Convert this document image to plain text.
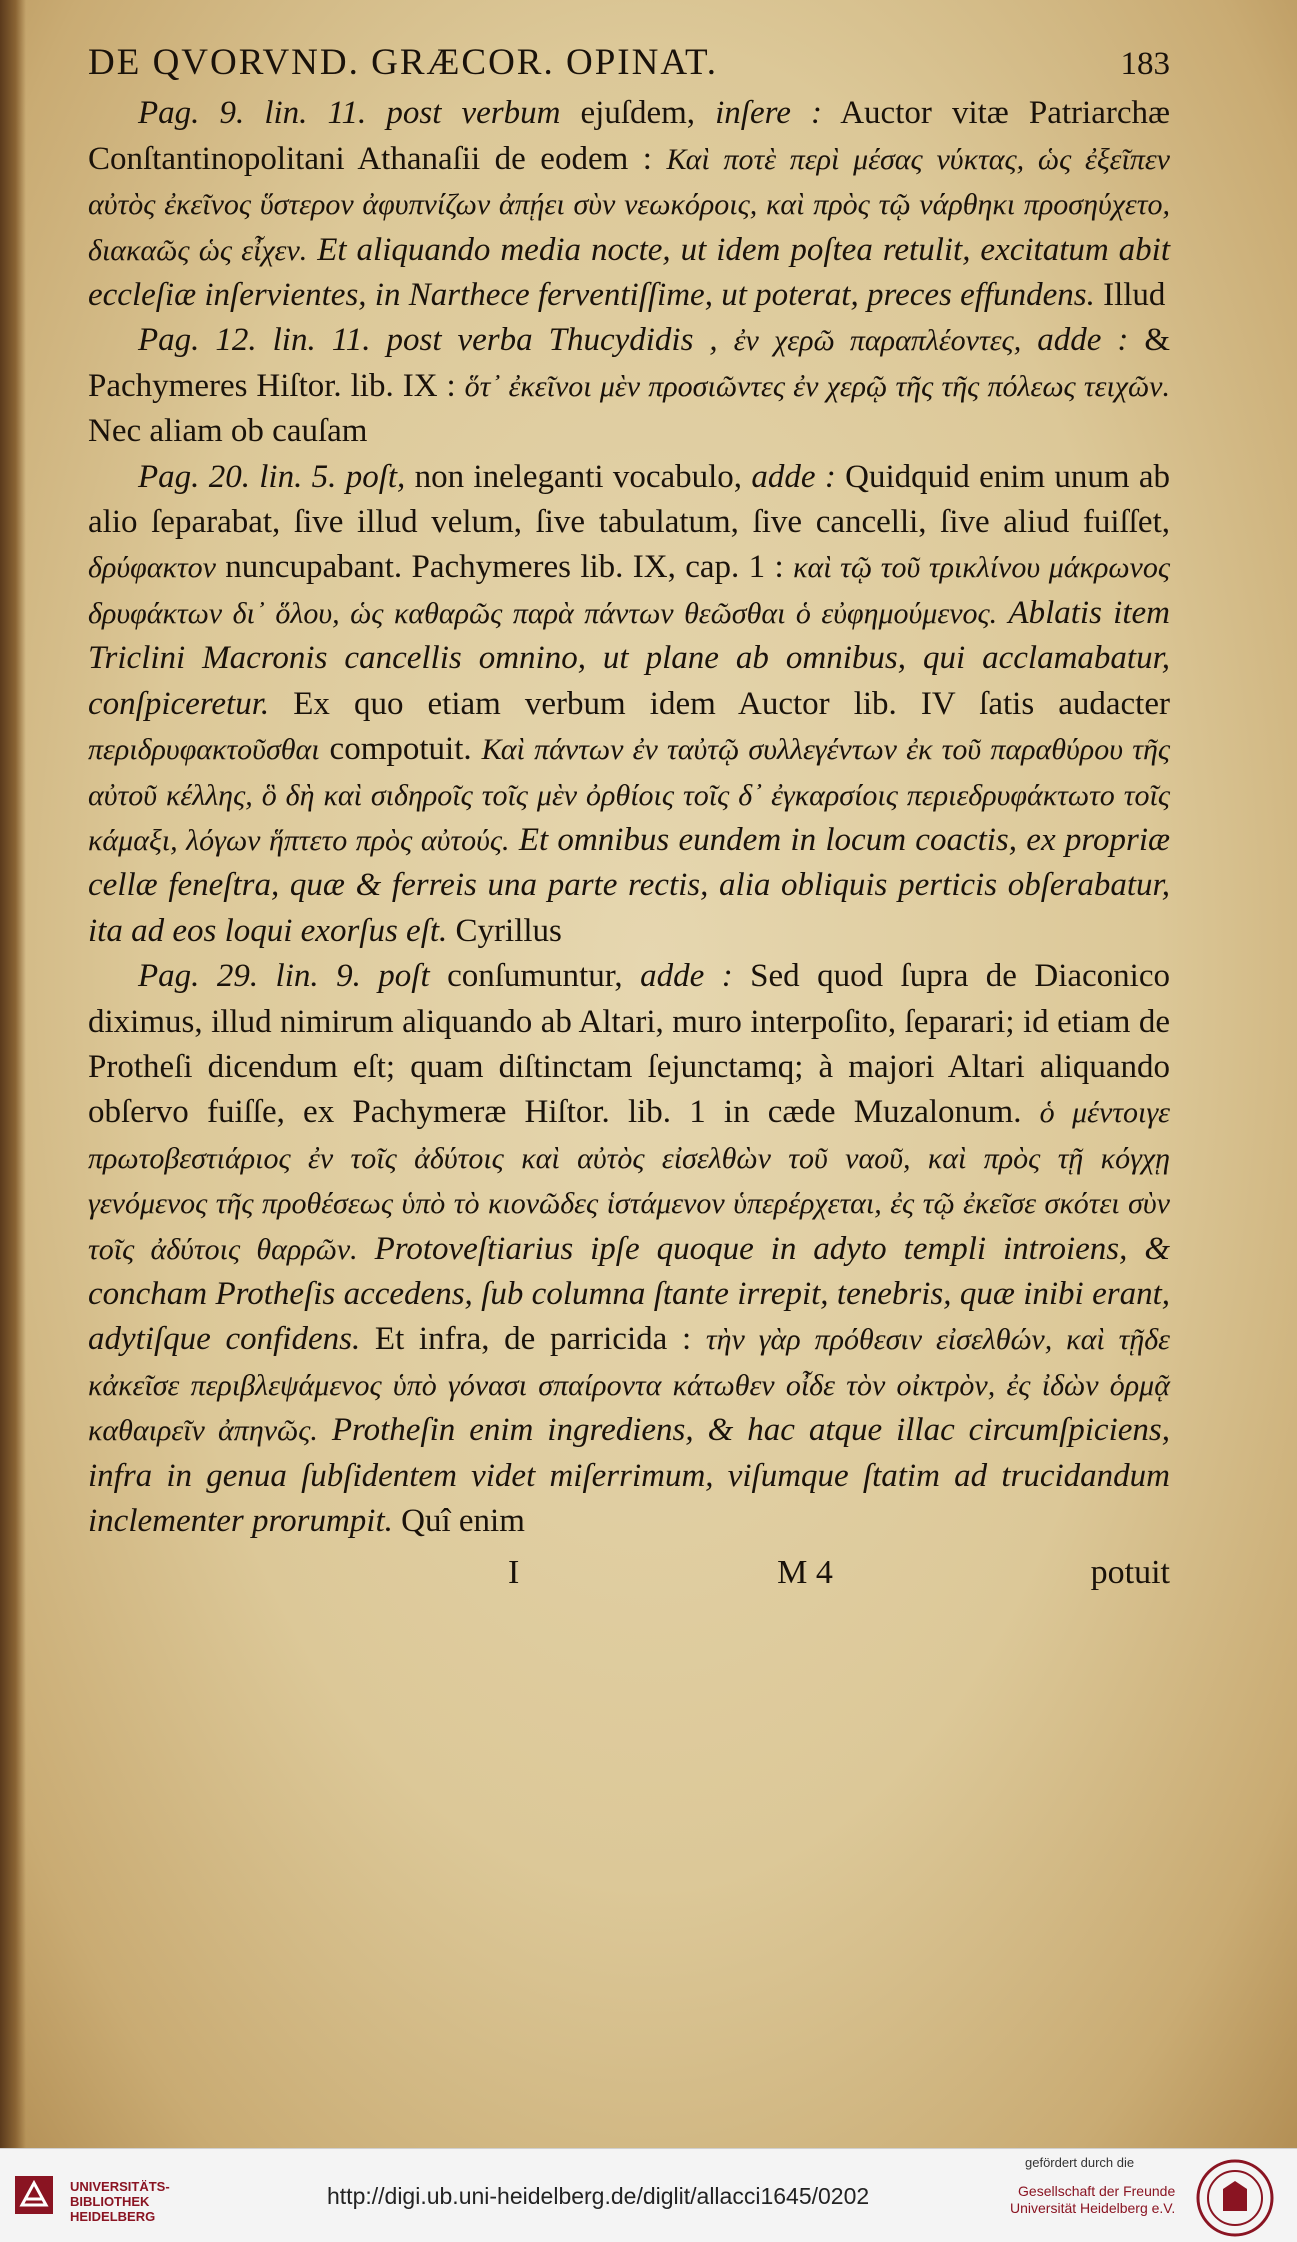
DE QVORVND. GRÆCOR. OPINAT.	183

Pag. 9. lin. 11. post verbum ejuſdem, inſere : Auctor vitæ Patriarchæ Conſtantinopolitani Athanaſii de eodem : Καὶ ποτὲ περὶ μέσας νύκτας, ὡς ἐξεῖπεν αὐτὸς ἐκεῖνος ὕστερον ἀφυπνίζων ἀπῄει σὺν νεωκόροις, καὶ πρὸς τῷ νάρθηκι προσηύχετο, διακαῶς ὡς εἶχεν. Et aliquando media nocte, ut idem poſtea retulit, excitatum abit eccleſiæ inſervientes, in Narthece ferventiſſime, ut poterat, preces effundens. Illud

Pag. 12. lin. 11. post verba Thucydidis , ἐν χερῶ παραπλέοντες, adde : & Pachymeres Hiſtor. lib. IX : ὅτ᾽ ἐκεῖνοι μὲν προσιῶντες ἐν χερῷ τῆς τῆς πόλεως τειχῶν. Nec aliam ob cauſam

Pag. 20. lin. 5. poſt, non ineleganti vocabulo, adde : Quidquid enim unum ab alio ſeparabat, ſive illud velum, ſive tabulatum, ſive cancelli, ſive aliud fuiſſet, δρύφακτον nuncupabant. Pachymeres lib. IX, cap. 1 : καὶ τῷ τοῦ τρικλίνου μάκρωνος δρυφάκτων δι᾽ ὅλου, ὡς καθαρῶς παρὰ πάντων θεῶσθαι ὁ εὐφημούμενος. Ablatis item Triclini Macronis cancellis omnino, ut plane ab omnibus, qui acclamabatur, conſpiceretur. Ex quo etiam verbum idem Auctor lib. IV ſatis audacter περιδρυφακτοῦσθαι compotuit. Καὶ πάντων ἐν ταὐτῷ συλλεγέντων ἐκ τοῦ παραθύρου τῆς αὐτοῦ κέλλης, ὃ δὴ καὶ σιδηροῖς τοῖς μὲν ὀρθίοις τοῖς δ᾽ ἐγκαρσίοις περιεδρυφάκτωτο τοῖς κάμαξι, λόγων ἥπτετο πρὸς αὐτούς. Et omnibus eundem in locum coactis, ex propriæ cellæ feneſtra, quæ & ferreis una parte rectis, alia obliquis perticis obſerabatur, ita ad eos loqui exorſus eſt. Cyrillus

Pag. 29. lin. 9. poſt conſumuntur, adde : Sed quod ſupra de Diaconico diximus, illud nimirum aliquando ab Altari, muro interpoſito, ſeparari; id etiam de Protheſi dicendum eſt; quam diſtinctam ſejunctamq; à majori Altari aliquando obſervo fuiſſe, ex Pachymeræ Hiſtor. lib. 1 in cæde Muzalonum. ὁ μέντοιγε πρωτοβεστιάριος ἐν τοῖς ἀδύτοις καὶ αὐτὸς εἰσελθὼν τοῦ ναοῦ, καὶ πρὸς τῇ κόγχῃ γενόμενος τῆς προθέσεως ὑπὸ τὸ κιονῶδες ἱστάμενον ὑπερέρχεται, ἐς τῷ ἐκεῖσε σκότει σὺν τοῖς ἀδύτοις θαρρῶν. Protoveſtiarius ipſe quoque in adyto templi introiens, & concham Protheſis accedens, ſub columna ſtante irrepit, tenebris, quæ inibi erant, adytiſque confidens. Et infra, de parricida : τὴν γὰρ πρόθεσιν εἰσελθών, καὶ τῇδε κἀκεῖσε περιβλεψάμενος ὑπὸ γόνασι σπαίροντα κάτωθεν οἶδε τὸν οἰκτρὸν, ἐς ἰδὼν ὁρμᾷ καθαιρεῖν ἀπηνῶς. Protheſin enim ingrediens, & hac atque illac circumſpiciens, infra in genua ſubſidentem videt miſerrimum, viſumque ſtatim ad trucidandum inclementer prorumpit. Quî enim

I	M 4	potuit
UNIVERSITÄTS-
BIBLIOTHEK
HEIDELBERG
http://digi.ub.uni-heidelberg.de/diglit/allacci1645/0202
gefördert durch die
Gesellschaft der Freunde
Universität Heidelberg e.V.
